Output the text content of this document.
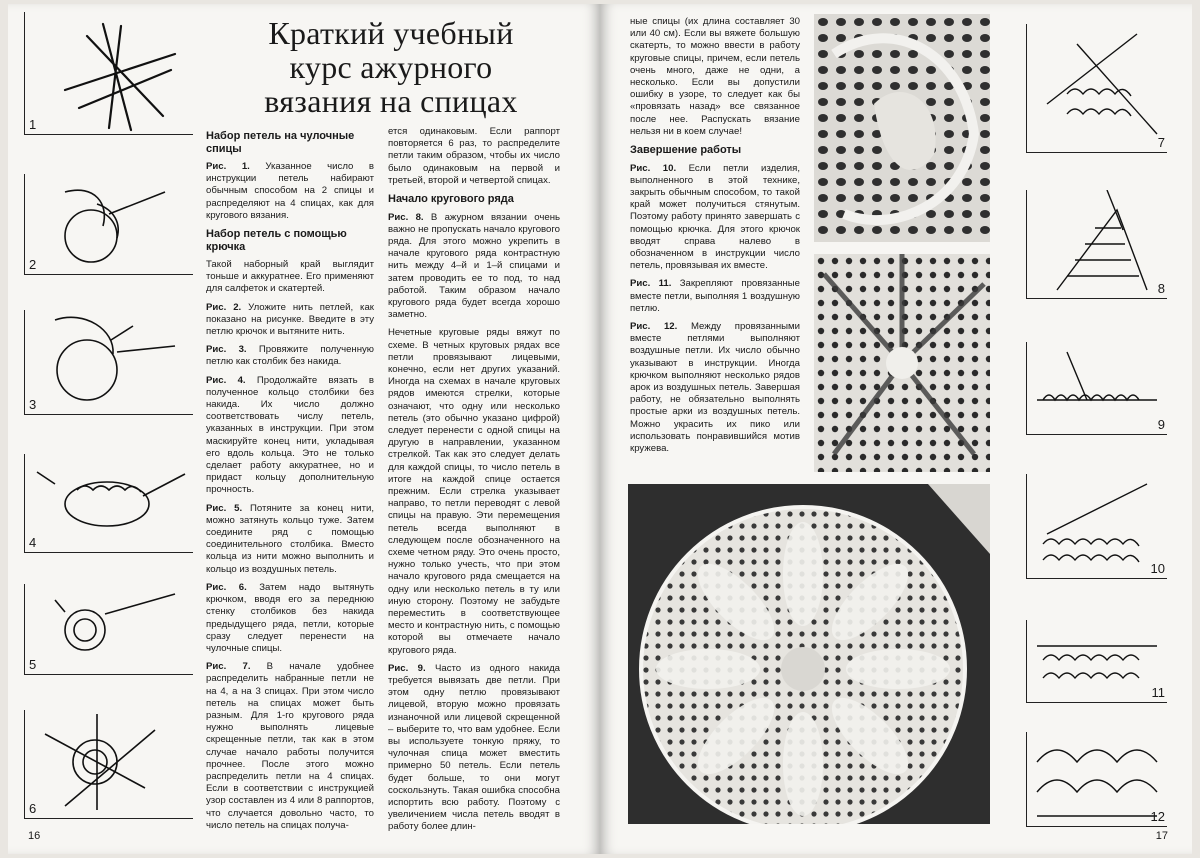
1
2
3
4
5
6
Краткий учебный
курс ажурного
вязания на спицах
Набор петель на чулочные спицы

Рис. 1. Указанное число в инструкции петель набирают обычным способом на 2 спицы и распределяют на 4 спицах, как для кругового вязания.

Набор петель с помощью крючка

Такой наборный край выглядит тоньше и аккуратнее. Его применяют для салфеток и скатертей.

Рис. 2. Уложите нить петлей, как показано на рисунке. Введите в эту петлю крючок и вытяните нить.

Рис. 3. Провяжите полученную петлю как столбик без накида.

Рис. 4. Продолжайте вязать в полученное кольцо столбики без накида. Их число должно соответствовать числу петель, указанных в инструкции. При этом маскируйте конец нити, укладывая его вдоль кольца. Это не только сделает работу аккуратнее, но и придаст кольцу дополнительную прочность.

Рис. 5. Потяните за конец нити, можно затянуть кольцо туже. Затем соедините ряд с помощью соединительного столбика. Вместо кольца из нити можно выполнить и кольцо из воздушных петель.

Рис. 6. Затем надо вытянуть крючком, вводя его за переднюю стенку столбиков без накида предыдущего ряда, петли, которые сразу следует перенести на чулочные спицы.

Рис. 7. В начале удобнее распределить набранные петли не на 4, а на 3 спицах. При этом число петель на спицах может быть разным. Для 1-го кругового ряда нужно выполнять лицевые скрещенные петли, так как в этом случае начало работы получится прочнее. После этого можно распределить петли на 4 спицах. Если в соответствии с инструкцией узор составлен из 4 или 8 раппортов, что случается довольно часто, то число петель на спицах получа-

ется одинаковым. Если раппорт повторяется 6 раз, то распределите петли таким образом, чтобы их число было одинаковым на первой и третьей, второй и четвертой спицах.

Начало кругового ряда

Рис. 8. В ажурном вязании очень важно не пропускать начало кругового ряда. Для этого можно укрепить в начале кругового ряда контрастную нить между 4–й и 1–й спицами и затем проводить ее то под, то над работой. Таким образом начало кругового ряда будет всегда хорошо заметно.

Нечетные круговые ряды вяжут по схеме. В четных круговых рядах все петли провязывают лицевыми, конечно, если нет других указаний. Иногда на схемах в начале круговых рядов имеются стрелки, которые означают, что одну или несколько петель (это обычно указано цифрой) следует перенести с одной спицы на другую в направлении, указанном стрелкой. Так как это следует делать для каждой спицы, то число петель в итоге на каждой спице остается прежним. Если стрелка указывает направо, то петли переводят с левой спицы на правую. Эти перемещения петель всегда выполняют в следующем после обозначенного на схеме четном ряду. Это очень просто, нужно только учесть, что при этом начало кругового ряда смещается на одну или несколько петель в ту или иную сторону. Поэтому не забудьте переместить в соответствующее место и контрастную нить, с помощью которой вы отмечаете начало кругового ряда.

Рис. 9. Часто из одного накида требуется вывязать две петли. При этом одну петлю провязывают лицевой, вторую можно провязать изнаночной или лицевой скрещенной – выберите то, что вам удобнее. Если вы используете тонкую пряжу, то чулочная спица может вместить примерно 50 петель. Если петель будет больше, то они могут соскользнуть. Такая ошибка способна испортить всю работу. Поэтому с увеличением числа петель вводят в работу более длин-

16

ные спицы (их длина составляет 30 или 40 см). Если вы вяжете большую скатерть, то можно ввести в работу круговые спицы, причем, если петель очень много, даже не одни, а несколько. Если вы допустили ошибку в узоре, то следует как бы «провязать назад» все связанное после нее. Распускать вязание нельзя ни в коем случае!

Завершение работы

Рис. 10. Если петли изделия, выполненного в этой технике, закрыть обычным способом, то такой край может получиться стянутым. Поэтому работу принято завершать с помощью крючка. Для этого крючок вводят справа налево в обозначенном в инструкции число петель, провязывая их вместе.

Рис. 11. Закрепляют провязанные вместе петли, выполняя 1 воздушную петлю.

Рис. 12. Между провязанными вместе петлями выполняют воздушные петли. Их число обычно указывают в инструкции. Иногда крючком выполняют несколько рядов арок из воздушных петель. Завершая работу, не обязательно выполнять простые арки из воздушных петель. Можно украсить их пико или использовать понравившийся мотив кружева.

7
8
9
10
11
12
17
